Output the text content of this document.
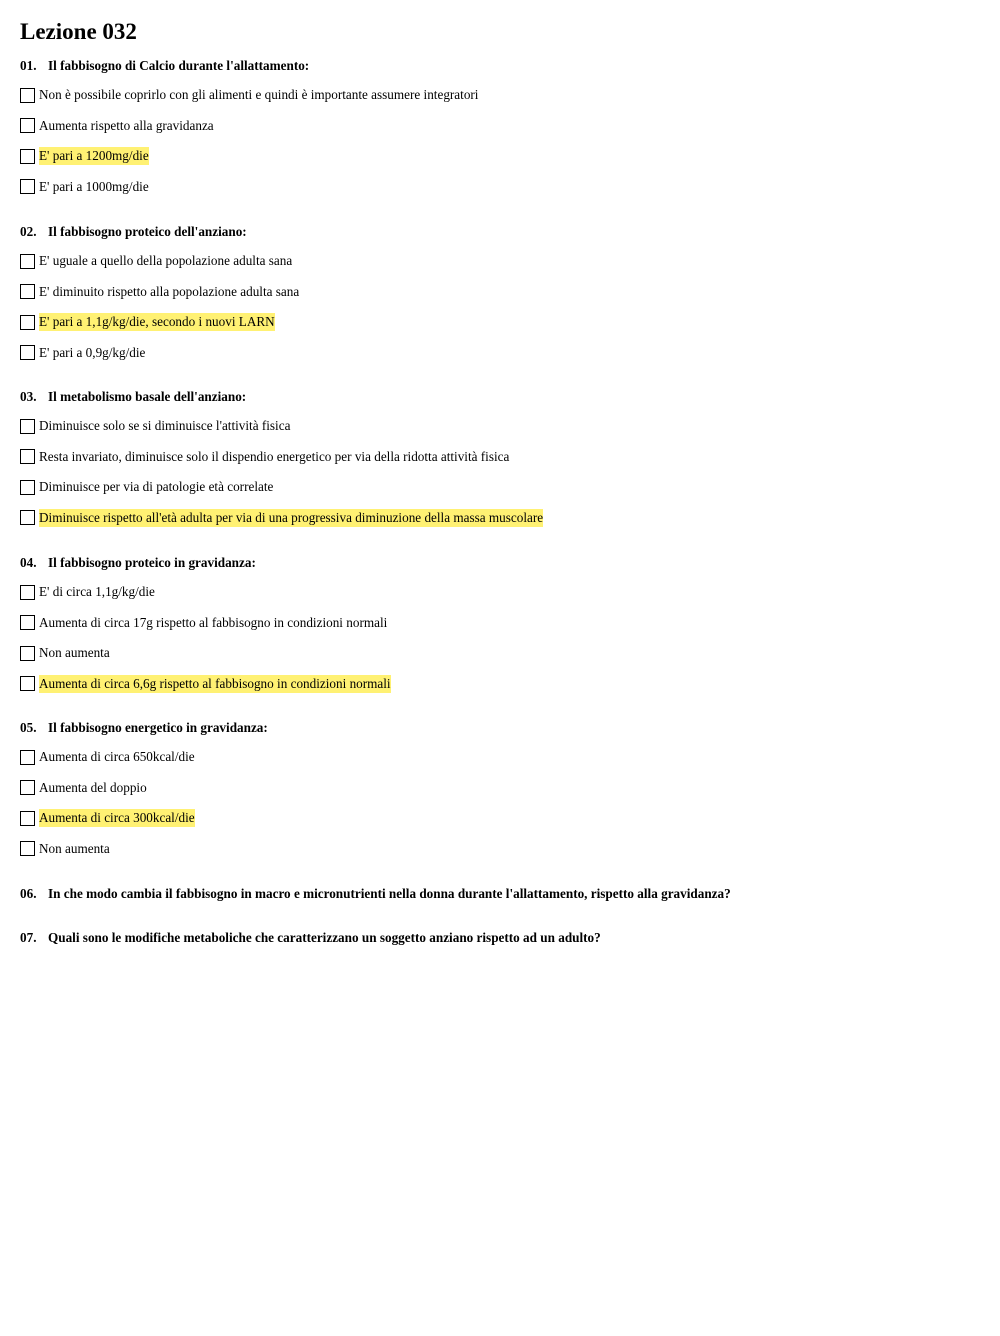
Lezione 032
01. Il fabbisogno di Calcio durante l'allattamento:
Non è possibile coprirlo con gli alimenti e quindi è importante assumere integratori
Aumenta rispetto alla gravidanza
E' pari a 1200mg/die
E' pari a 1000mg/die
02. Il fabbisogno proteico dell'anziano:
E' uguale a quello della popolazione adulta sana
E' diminuito rispetto alla popolazione adulta sana
E' pari a 1,1g/kg/die, secondo i nuovi LARN
E' pari a 0,9g/kg/die
03. Il metabolismo basale dell'anziano:
Diminuisce solo se si diminuisce l'attività fisica
Resta invariato, diminuisce solo il dispendio energetico per via della ridotta attività fisica
Diminuisce per via di patologie età correlate
Diminuisce rispetto all'età adulta per via di una progressiva diminuzione della massa muscolare
04. Il fabbisogno proteico in gravidanza:
E' di circa 1,1g/kg/die
Aumenta di circa 17g rispetto al fabbisogno in condizioni normali
Non aumenta
Aumenta di circa 6,6g rispetto al fabbisogno in condizioni normali
05. Il fabbisogno energetico in gravidanza:
Aumenta di circa 650kcal/die
Aumenta del doppio
Aumenta di circa 300kcal/die
Non aumenta
06. In che modo cambia il fabbisogno in macro e micronutrienti nella donna durante l'allattamento, rispetto alla gravidanza?
07. Quali sono le modifiche metaboliche che caratterizzano un soggetto anziano rispetto ad un adulto?
